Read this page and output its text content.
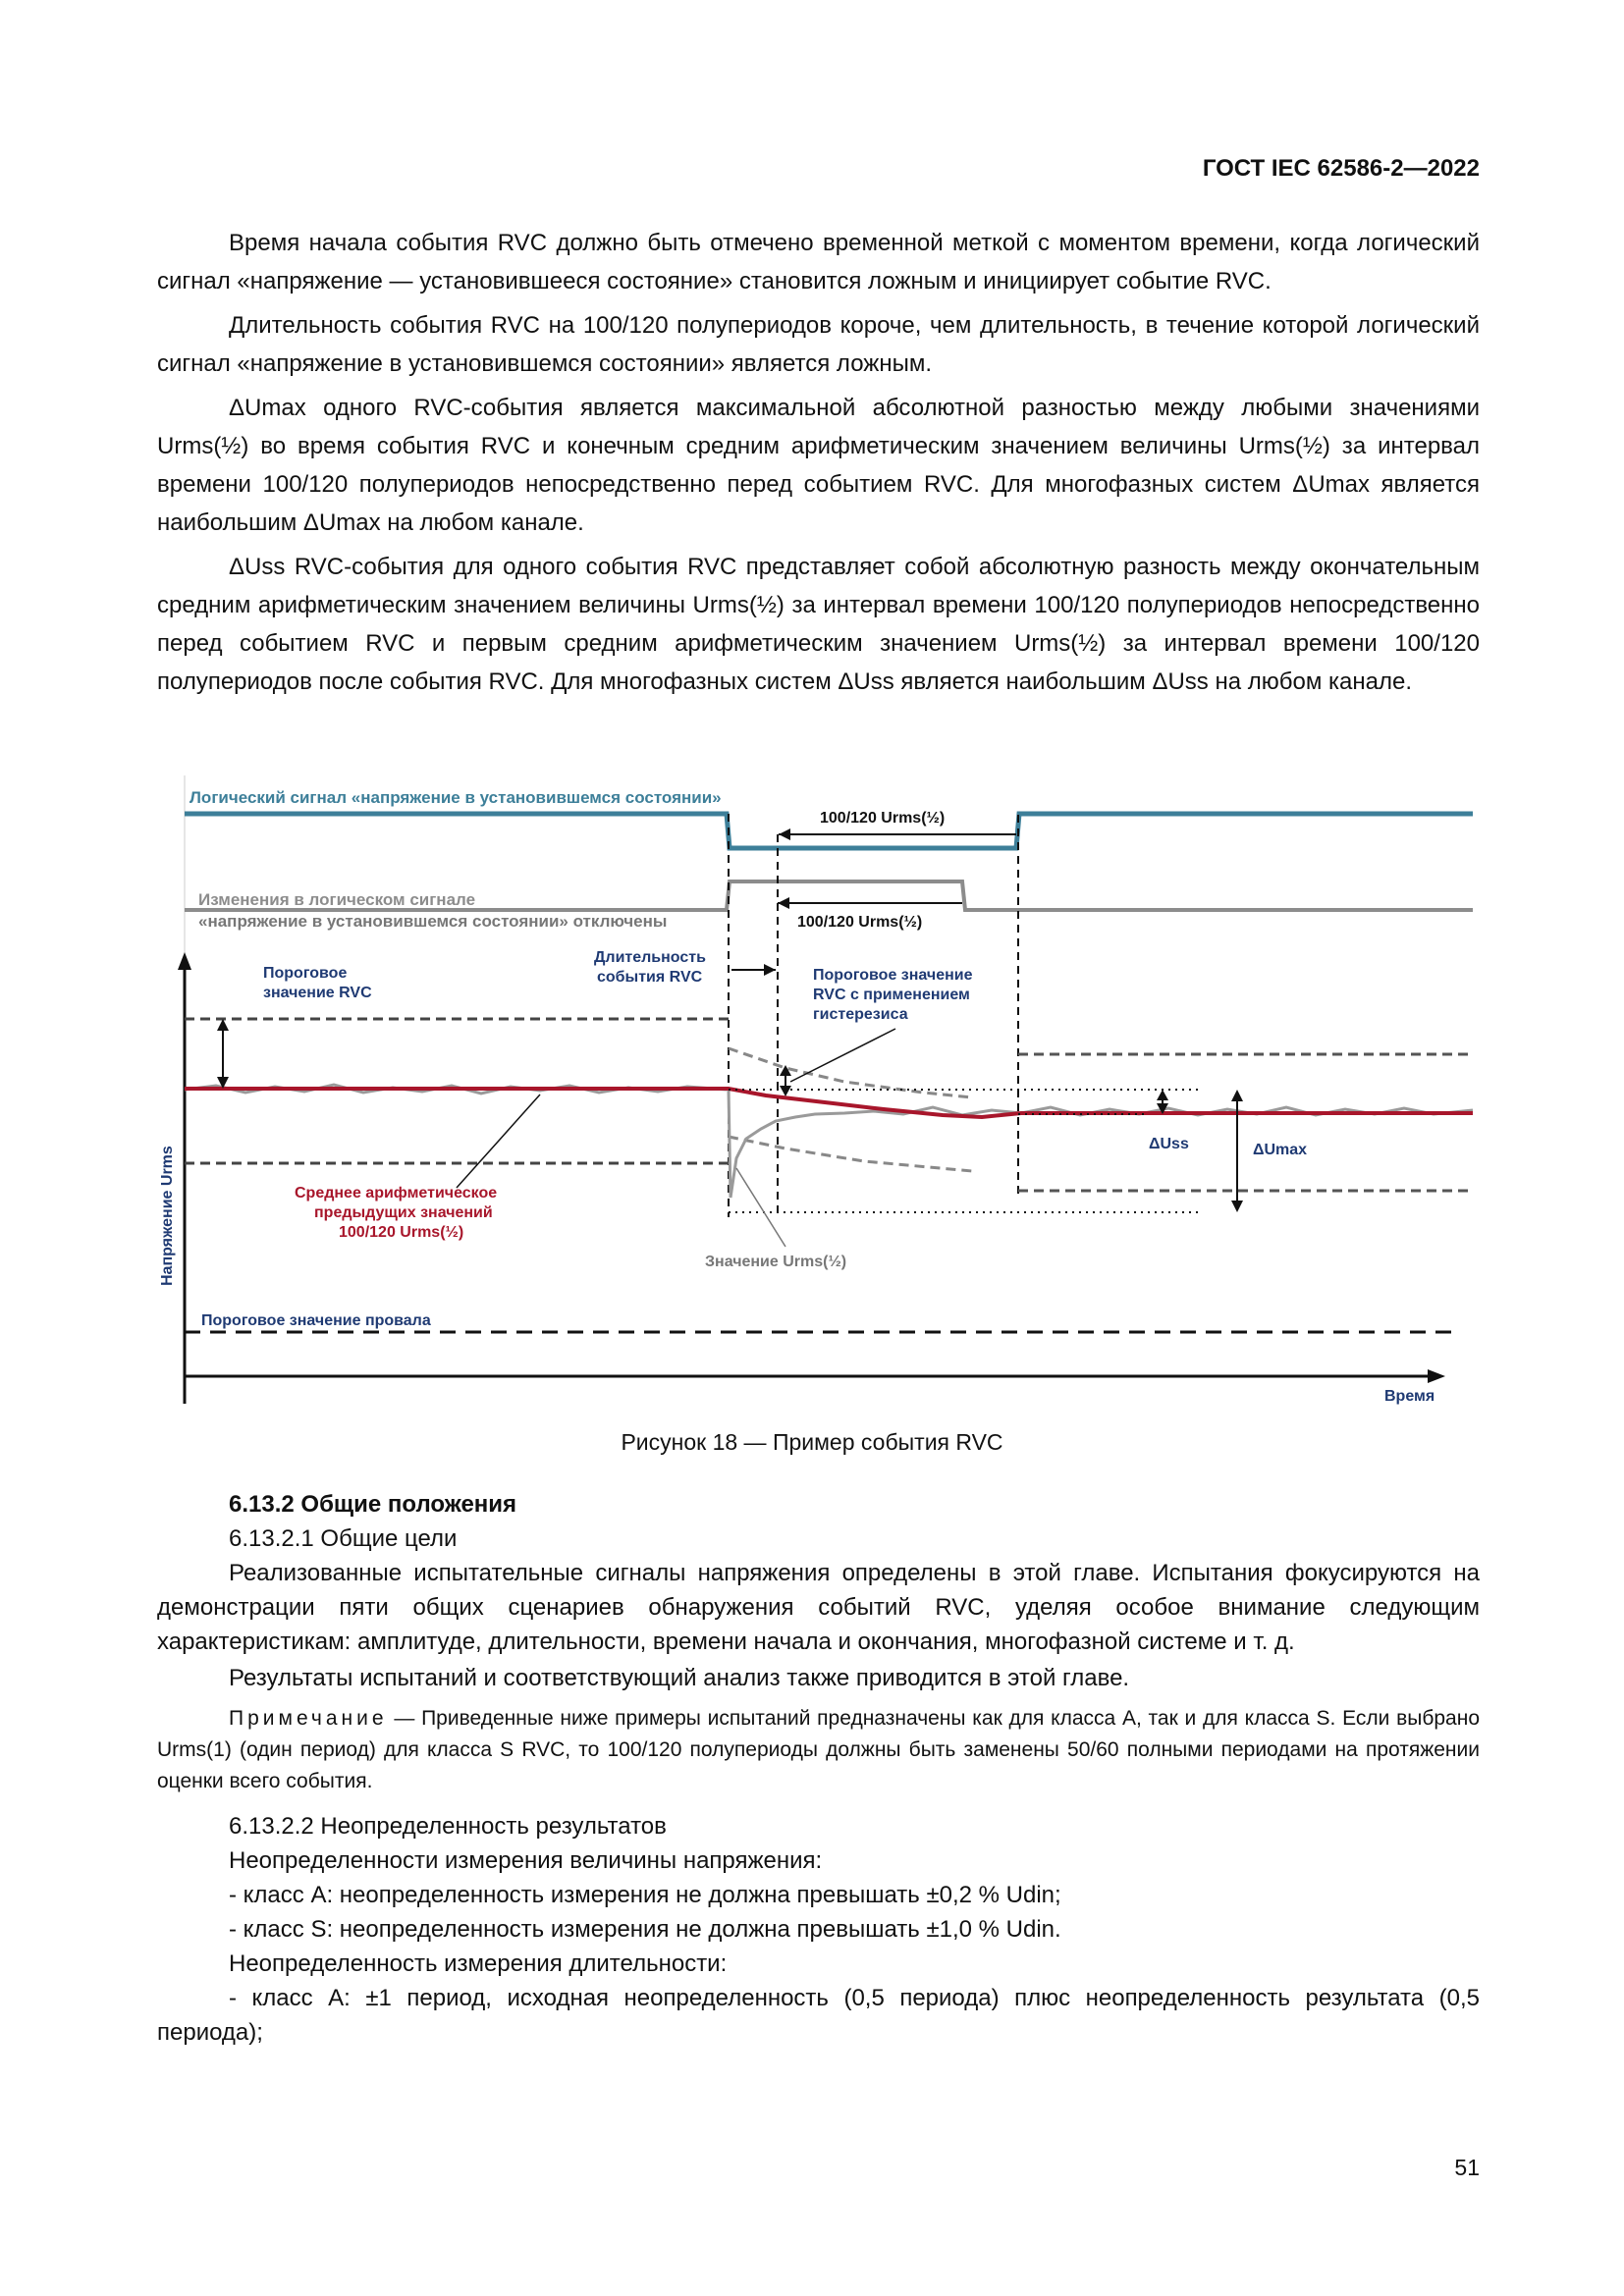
ГОСТ IEC 62586-2—2022

Время начала события RVC должно быть отмечено временной меткой с моментом времени, когда логический сигнал «напряжение — установившееся состояние» становится ложным и инициирует событие RVC.

Длительность события RVC на 100/120 полупериодов короче, чем длительность, в течение которой логический сигнал «напряжение в установившемся состоянии» является ложным.

ΔUmax одного RVC-события является максимальной абсолютной разностью между любыми значениями Urms(½) во время события RVC и конечным средним арифметическим значением величины Urms(½) за интервал времени 100/120 полупериодов непосредственно перед событием RVC. Для многофазных систем ΔUmax является наибольшим ΔUmax на любом канале.

ΔUss RVC-события для одного события RVC представляет собой абсолютную разность между окончательным средним арифметическим значением величины Urms(½) за интервал времени 100/120 полупериодов непосредственно перед событием RVC и первым средним арифметическим значением Urms(½) за интервал времени 100/120 полупериодов после события RVC. Для многофазных систем ΔUss является наибольшим ΔUss на любом канале.

Логический сигнал «напряжение в установившемся состоянии»
100/120 Urms(½)
Изменения в логическом сигнале
«напряжение в установившемся состоянии» отключены	100/120 Urms(½)
Длительность
события RVC
Время
Напряжение Urms
Пороговое
значение RVC
Пороговое значение
RVC с применением
гистерезиса
ΔUss	ΔUmax
Среднее арифметическое
предыдущих значений
100/120 Urms(½)
Значение Urms(½)
Пороговое значение провала
Рисунок 18 — Пример события RVC
6.13.2 Общие положения
6.13.2.1 Общие цели

Реализованные испытательные сигналы напряжения определены в этой главе. Испытания фокусируются на демонстрации пяти общих сценариев обнаружения событий RVC, уделяя особое внимание следующим характеристикам: амплитуде, длительности, времени начала и окончания, многофазной системе и т. д.

Результаты испытаний и соответствующий анализ также приводится в этой главе.

Примечание — Приведенные ниже примеры испытаний предназначены как для класса А, так и для класса S. Если выбрано Urms(1) (один период) для класса S RVC, то 100/120 полупериоды должны быть заменены 50/60 полными периодами на протяжении оценки всего события.

6.13.2.2 Неопределенность результатов
Неопределенности измерения величины напряжения:
- класс А: неопределенность измерения не должна превышать ±0,2 % Udin;
- класс S: неопределенность измерения не должна превышать ±1,0 % Udin.
Неопределенность измерения длительности:

- класс А: ±1 период, исходная неопределенность (0,5 периода) плюс неопределенность результата (0,5 периода);

51
